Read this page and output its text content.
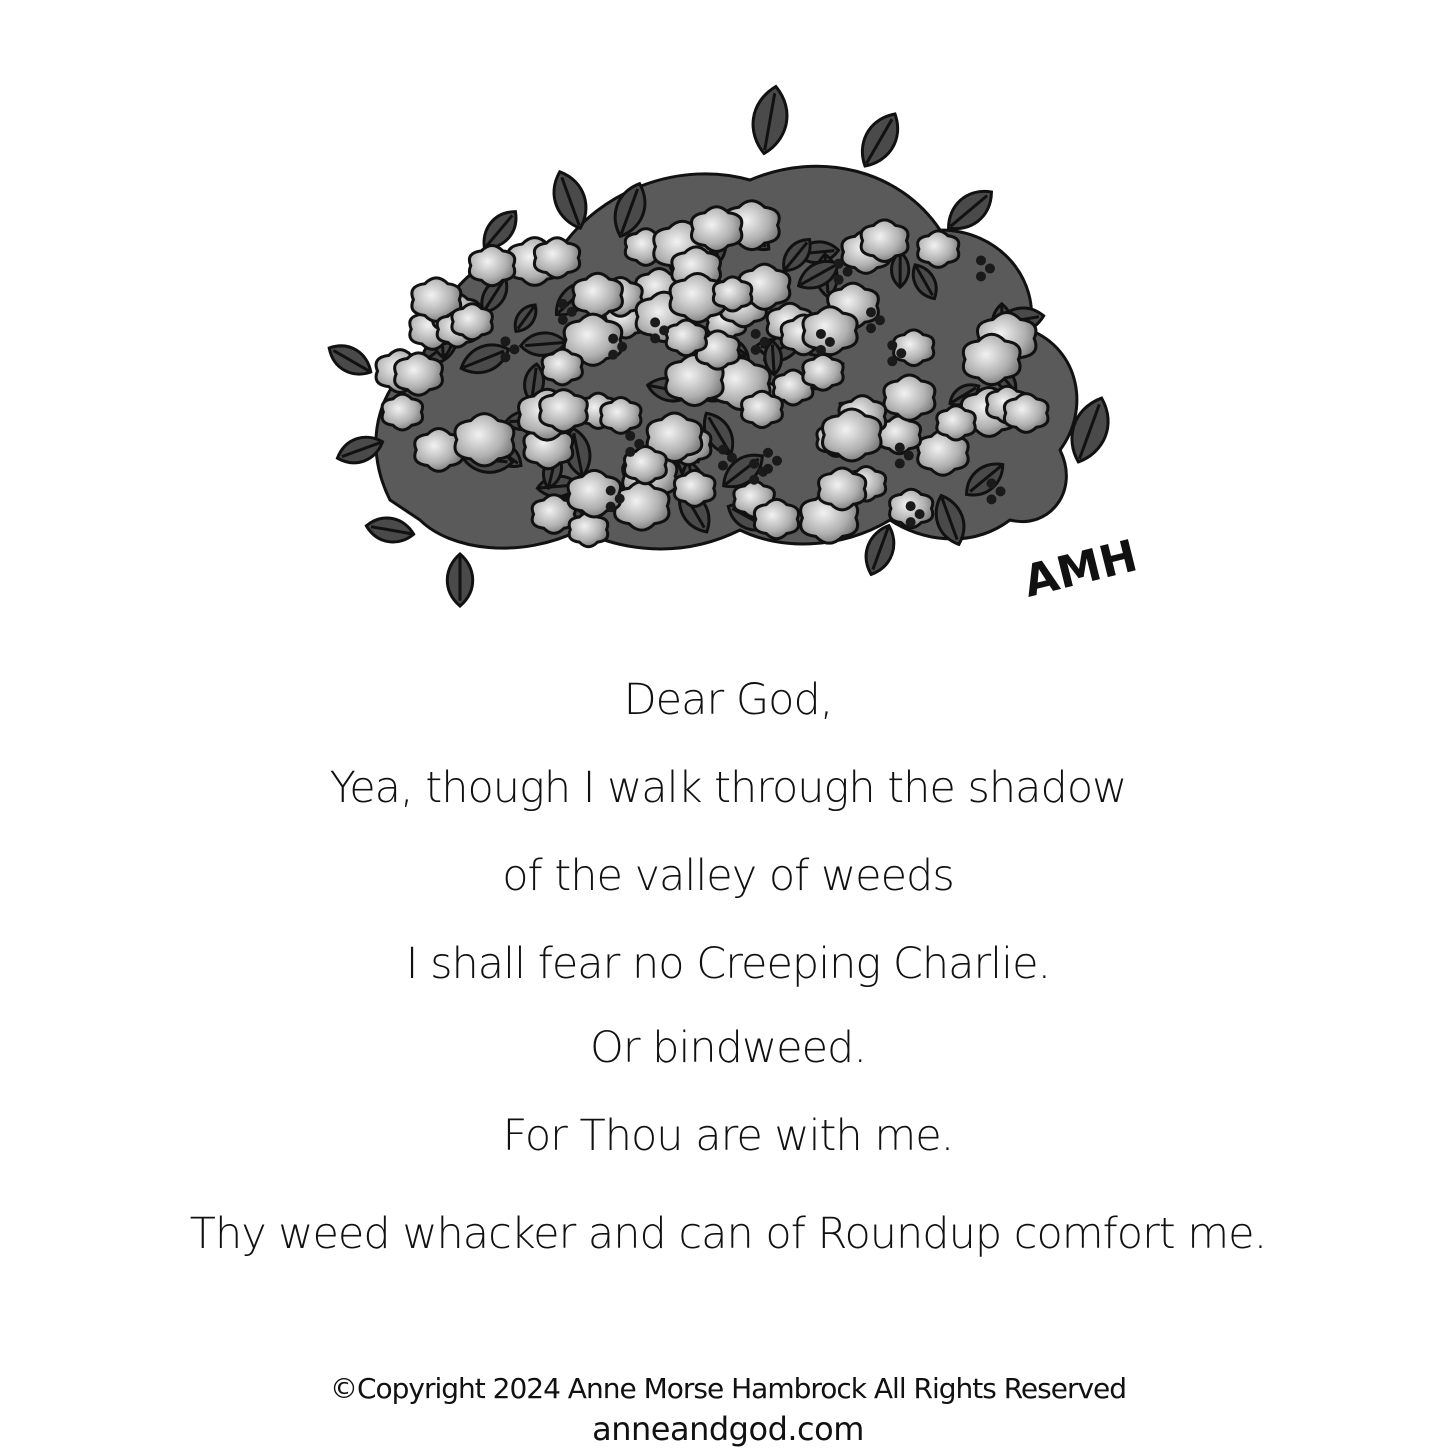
AMH
Dear God,
Yea, though I walk through the shadow
of the valley of weeds
I shall fear no Creeping Charlie.
Or bindweed.
For Thou are with me.
Thy weed whacker and can of Roundup comfort me.
©Copyright 2024 Anne Morse Hambrock All Rights Reserved
anneandgod.com
